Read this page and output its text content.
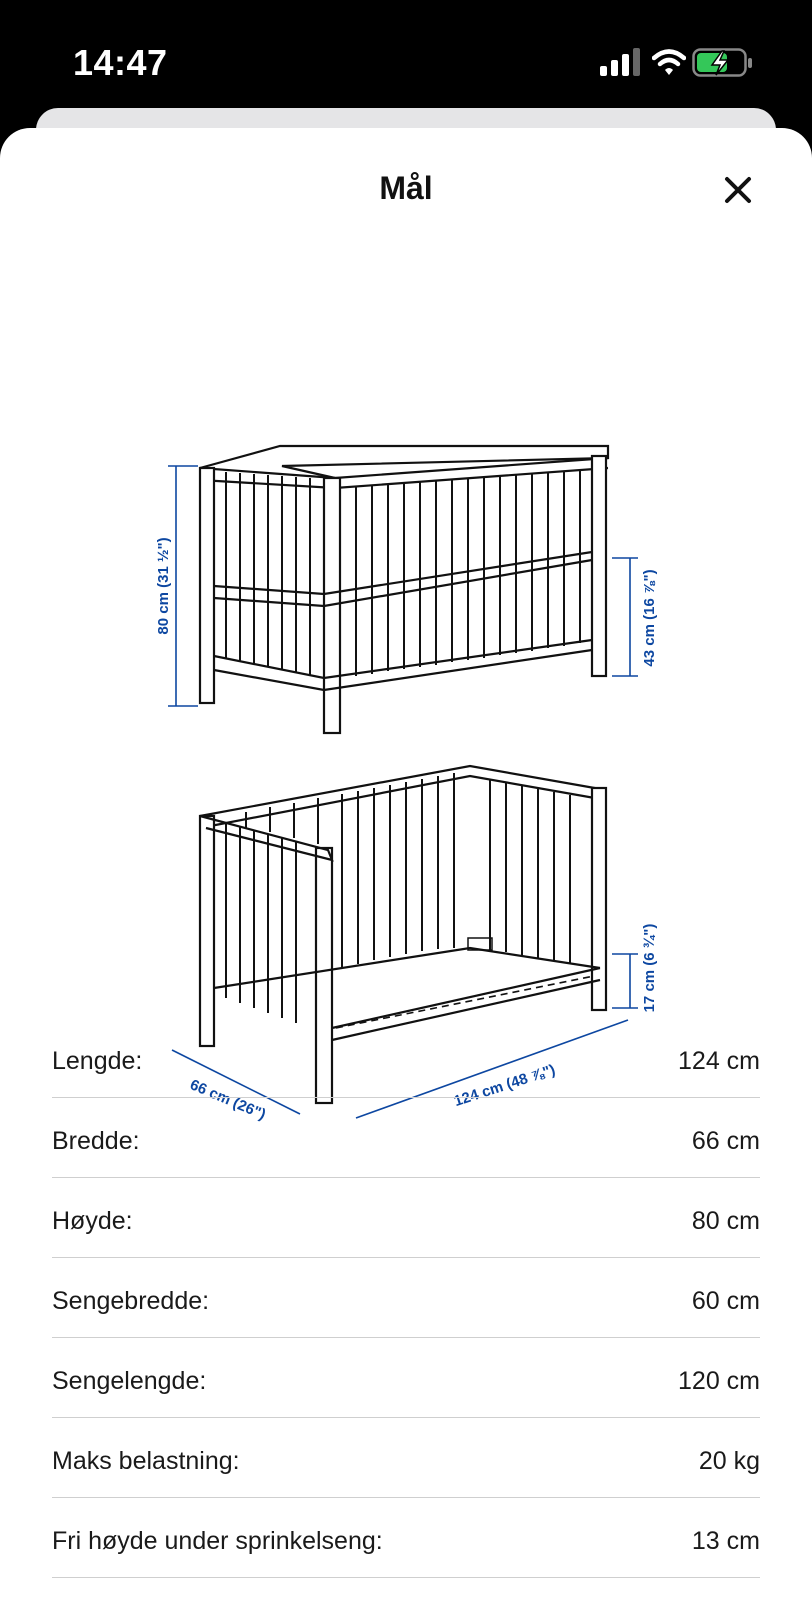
14:47
Mål
80 cm (31 ½")	43 cm (16 ⅞")
17 cm (6 ¾")
66 cm (26")	124 cm (48 ⅞")
Lengde:	124 cm
Bredde:	66 cm
Høyde:	80 cm
Sengebredde:	60 cm
Sengelengde:	120 cm
Maks belastning:	20 kg
Fri høyde under sprinkelseng:	13 cm
